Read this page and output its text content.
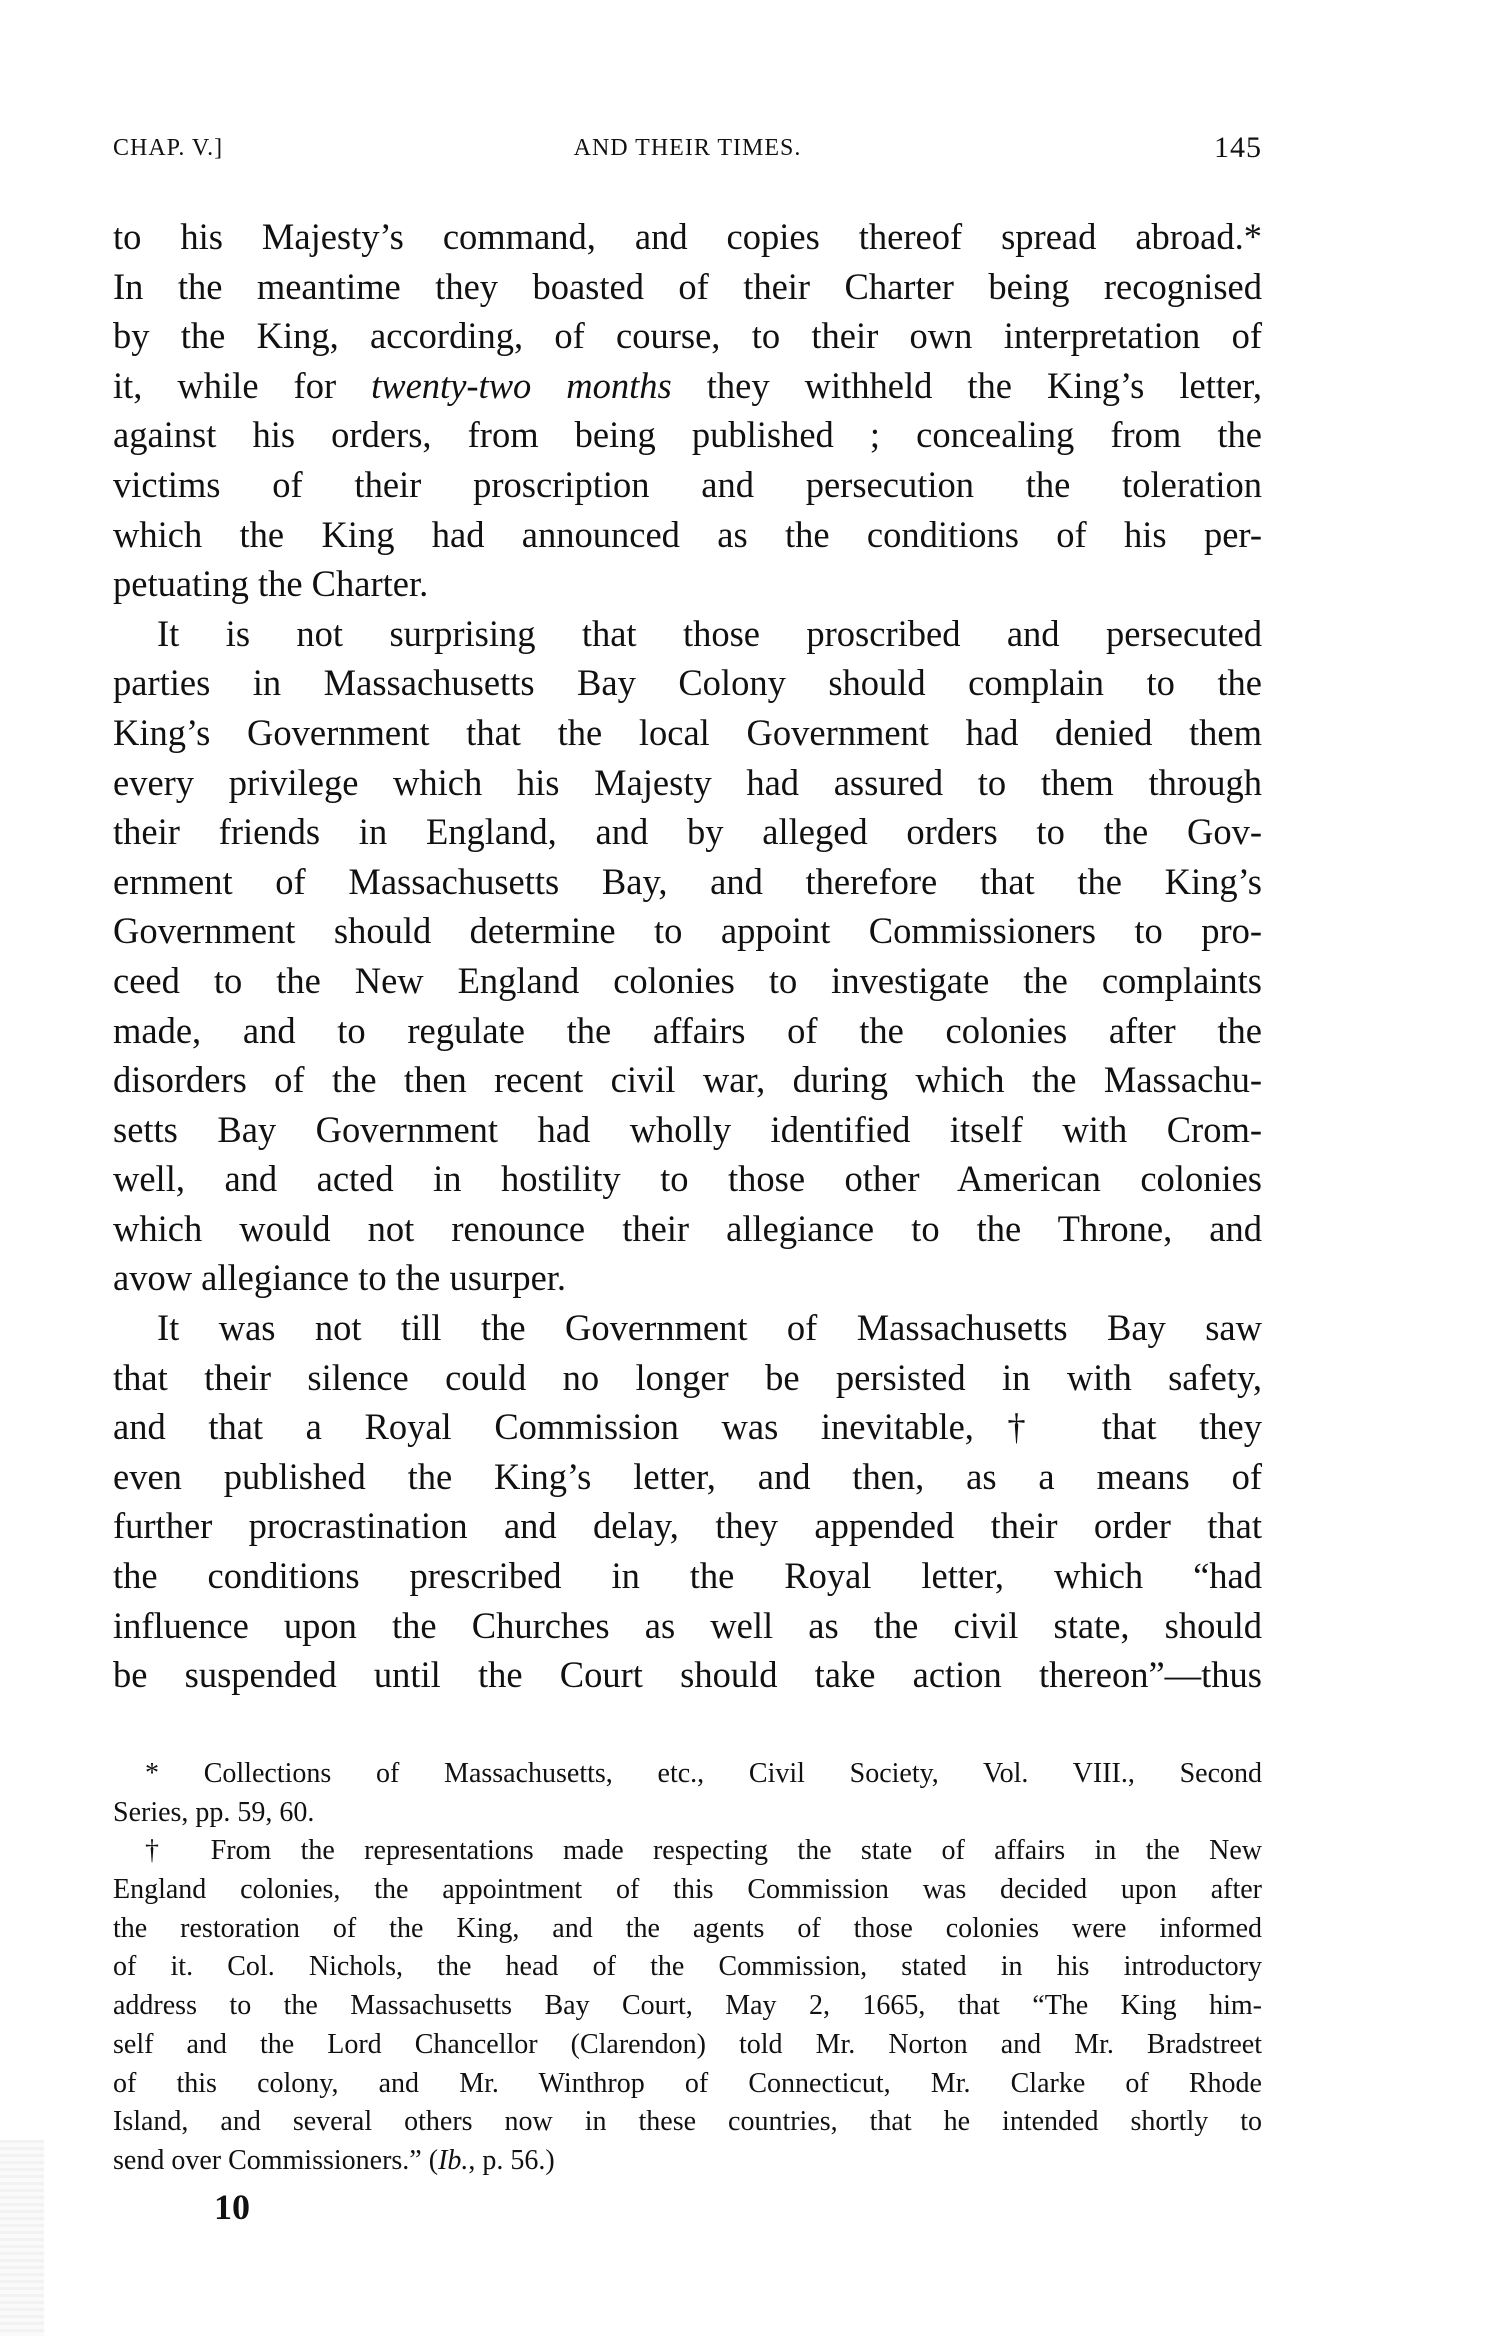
CHAP. V.]	AND THEIR TIMES.	145
to his Majesty’s command, and copies thereof spread abroad.*
In the meantime they boasted of their Charter being recognised
by the King, according, of course, to their own interpretation of
it, while for twenty-two months they withheld the King’s letter,
against his orders, from being published ; concealing from the
victims of their proscription and persecution the toleration
which the King had announced as the conditions of his per-
petuating the Charter.
It is not surprising that those proscribed and persecuted
parties in Massachusetts Bay Colony should complain to the
King’s Government that the local Government had denied them
every privilege which his Majesty had assured to them through
their friends in England, and by alleged orders to the Gov-
ernment of Massachusetts Bay, and therefore that the King’s
Government should determine to appoint Commissioners to pro-
ceed to the New England colonies to investigate the complaints
made, and to regulate the affairs of the colonies after the
disorders of the then recent civil war, during which the Massachu-
setts Bay Government had wholly identified itself with Crom-
well, and acted in hostility to those other American colonies
which would not renounce their allegiance to the Throne, and
avow allegiance to the usurper.
It was not till the Government of Massachusetts Bay saw
that their silence could no longer be persisted in with safety,
and that a Royal Commission was inevitable,† that they
even published the King’s letter, and then, as a means of
further procrastination and delay, they appended their order that
the conditions prescribed in the Royal letter, which “had
influence upon the Churches as well as the civil state, should
be suspended until the Court should take action thereon”—thus
* Collections of Massachusetts, etc., Civil Society, Vol. VIII., Second
Series, pp. 59, 60.
† From the representations made respecting the state of affairs in the New
England colonies, the appointment of this Commission was decided upon after
the restoration of the King, and the agents of those colonies were informed
of it. Col. Nichols, the head of the Commission, stated in his introductory
address to the Massachusetts Bay Court, May 2, 1665, that “The King him-
self and the Lord Chancellor (Clarendon) told Mr. Norton and Mr. Bradstreet
of this colony, and Mr. Winthrop of Connecticut, Mr. Clarke of Rhode
Island, and several others now in these countries, that he intended shortly to
send over Commissioners.” (Ib., p. 56.)
10
